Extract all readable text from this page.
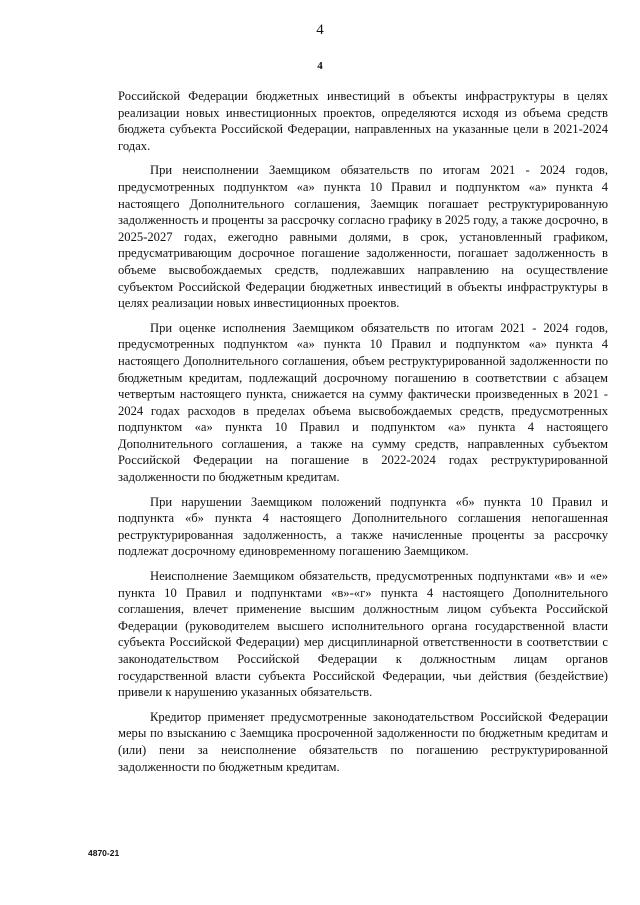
4
4

Российской Федерации бюджетных инвестиций в объекты инфраструктуры в целях реализации новых инвестиционных проектов, определяются исходя из объема средств бюджета субъекта Российской Федерации, направленных на указанные цели в 2021-2024 годах.

При неисполнении Заемщиком обязательств по итогам 2021 - 2024 годов, предусмотренных подпунктом «а» пункта 10 Правил и подпунктом «а» пункта 4 настоящего Дополнительного соглашения, Заемщик погашает реструктурированную задолженность и проценты за рассрочку согласно графику в 2025 году, а также досрочно, в 2025-2027 годах, ежегодно равными долями, в срок, установленный графиком, предусматривающим досрочное погашение задолженности, погашает задолженность в объеме высвобождаемых средств, подлежавших направлению на осуществление субъектом Российской Федерации бюджетных инвестиций в объекты инфраструктуры в целях реализации новых инвестиционных проектов.

При оценке исполнения Заемщиком обязательств по итогам 2021 - 2024 годов, предусмотренных подпунктом «а» пункта 10 Правил и подпунктом «а» пункта 4 настоящего Дополнительного соглашения, объем реструктурированной задолженности по бюджетным кредитам, подлежащий досрочному погашению в соответствии с абзацем четвертым настоящего пункта, снижается на сумму фактически произведенных в 2021 - 2024 годах расходов в пределах объема высвобождаемых средств, предусмотренных подпунктом «а» пункта 10 Правил и подпунктом «а» пункта 4 настоящего Дополнительного соглашения, а также на сумму средств, направленных субъектом Российской Федерации на погашение в 2022-2024 годах реструктурированной задолженности по бюджетным кредитам.

При нарушении Заемщиком положений подпункта «б» пункта 10 Правил и подпункта «б» пункта 4 настоящего Дополнительного соглашения непогашенная реструктурированная задолженность, а также начисленные проценты за рассрочку подлежат досрочному единовременному погашению Заемщиком.

Неисполнение Заемщиком обязательств, предусмотренных подпунктами «в» и «е» пункта 10 Правил и подпунктами «в»-«г» пункта 4 настоящего Дополнительного соглашения, влечет применение высшим должностным лицом субъекта Российской Федерации (руководителем высшего исполнительного органа государственной власти субъекта Российской Федерации) мер дисциплинарной ответственности в соответствии с законодательством Российской Федерации к должностным лицам органов государственной власти субъекта Российской Федерации, чьи действия (бездействие) привели к нарушению указанных обязательств.

Кредитор применяет предусмотренные законодательством Российской Федерации меры по взысканию с Заемщика просроченной задолженности по бюджетным кредитам и (или) пени за неисполнение обязательств по погашению реструктурированной задолженности по бюджетным кредитам.

4870-21
